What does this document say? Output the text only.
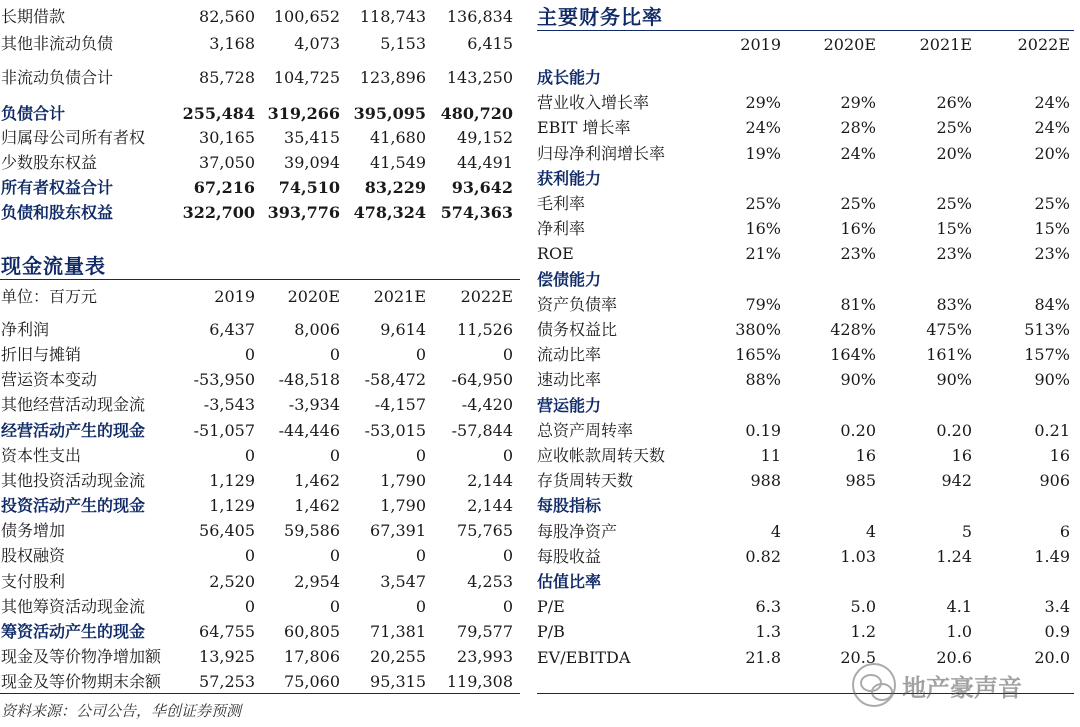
长期借款	82,560	100,652	118,743	136,834
其他非流动负债	3,168	4,073	5,153	6,415
非流动负债合计	85,728	104,725	123,896	143,250
负债合计	255,484 319,266 395,095 480,720
归属母公司所有者权	30,165	35,415	41,680	49,152
少数股东权益	37,050	39,094	41,549	44,491
所有者权益合计	67,216	74,510	83,229	93,642
负债和股东权益	322,700 393,776 478,324 574,363
现金流量表
单位：百万元	2019	2020E	2021E	2022E
净利润	6,437	8,006	9,614	11,526
折旧与摊销	0	0	0	0
营运资本变动	-53,950	-48,518	-58,472	-64,950
其他经营活动现金流	-3,543	-3,934	-4,157	-4,420
经营活动产生的现金	-51,057	-44,446	-53,015	-57,844
资本性支出	0	0	0	0
其他投资活动现金流	1,129	1,462	1,790	2,144
投资活动产生的现金	1,129	1,462	1,790	2,144
债务增加	56,405	59,586	67,391	75,765
股权融资	0	0	0	0
支付股利	2,520	2,954	3,547	4,253
其他筹资活动现金流	0	0	0	0
筹资活动产生的现金	64,755	60,805	71,381	79,577
现金及等价物净增加额	13,925	17,806	20,255	23,993
现金及等价物期末余额	57,253	75,060	95,315	119,308
主要财务比率
2019	2020E	2021E	2022E
成长能力
营业收入增长率	29%	29%	26%	24%
EBIT 增长率	24%	28%	25%	24%
归母净利润增长率	19%	24%	20%	20%
获利能力
毛利率	25%	25%	25%	25%
净利率	16%	16%	15%	15%
ROE	21%	23%	23%	23%
偿债能力
资产负债率	79%	81%	83%	84%
债务权益比	380%	428%	475%	513%
流动比率	165%	164%	161%	157%
速动比率	88%	90%	90%	90%
营运能力
总资产周转率	0.19	0.20	0.20	0.21
应收帐款周转天数	11	16	16	16
存货周转天数	988	985	942	906
每股指标
每股净资产	4	4	5	6
每股收益	0.82	1.03	1.24	1.49
估值比率
P/E	6.3	5.0	4.1	3.4
P/B	1.3	1.2	1.0	0.9
EV/EBITDA	21.8	20.5	20.6	20.0
资料来源：公司公告，华创证券预测
地产豪声音
